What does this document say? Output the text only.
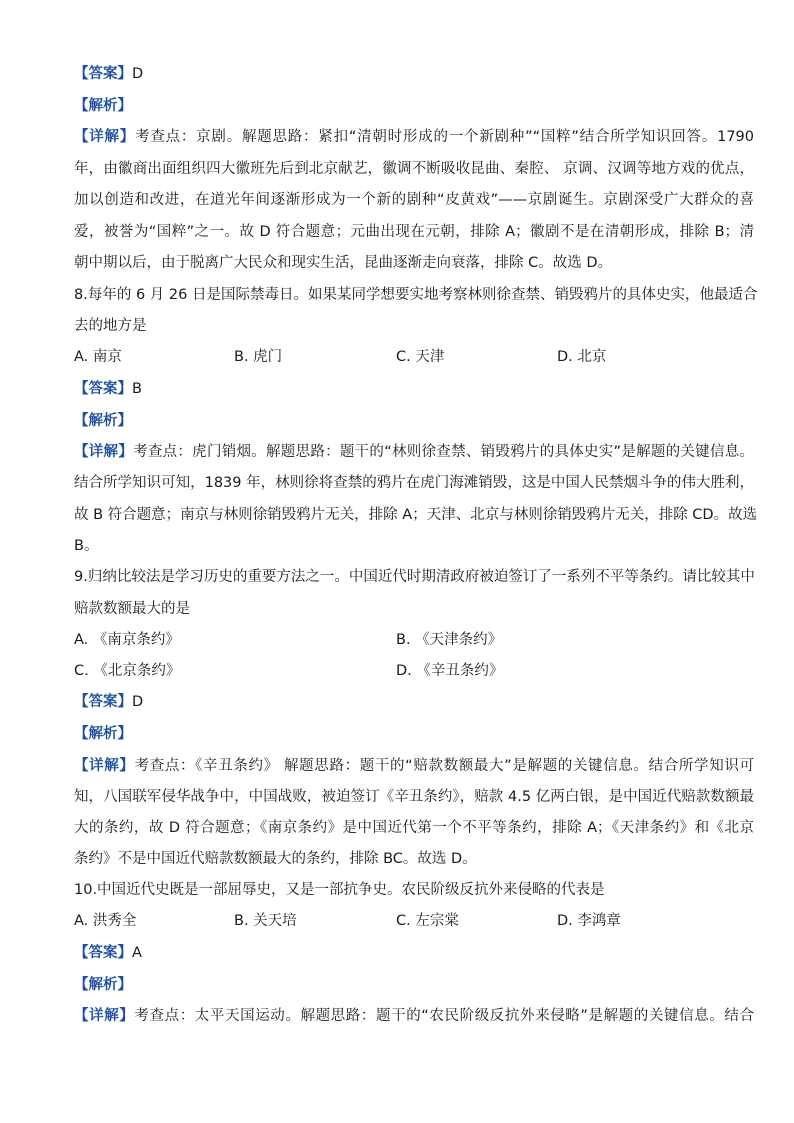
【答案】D
【解析】
【详解】考查点：京剧。解题思路：紧扣“清朝时形成的一个新剧种”“国粹”结合所学知识回答。1790
年，由徽商出面组织四大徽班先后到北京献艺，徽调不断吸收昆曲、秦腔、 京调、汉调等地方戏的优点，
加以创造和改进，在道光年间逐渐形成为一个新的剧种“皮黄戏”——京剧诞生。京剧深受广大群众的喜
爱，被誉为“国粹”之一。故 D 符合题意；元曲出现在元朝，排除 A；徽剧不是在清朝形成，排除 B；清
朝中期以后，由于脱离广大民众和现实生活，昆曲逐渐走向衰落，排除 C。故选 D。
8.每年的 6 月 26 日是国际禁毒日。如果某同学想要实地考察林则徐查禁、销毁鸦片的具体史实，他最适合
去的地方是
A. 南京	B. 虎门	C. 天津	D. 北京
【答案】B
【解析】
【详解】考查点：虎门销烟。解题思路：题干的“林则徐查禁、销毁鸦片的具体史实”是解题的关键信息。
结合所学知识可知，1839 年，林则徐将查禁的鸦片在虎门海滩销毁，这是中国人民禁烟斗争的伟大胜利，
故 B 符合题意；南京与林则徐销毁鸦片无关，排除 A；天津、北京与林则徐销毁鸦片无关，排除 CD。故选
B。
9.归纳比较法是学习历史的重要方法之一。中国近代时期清政府被迫签订了一系列不平等条约。请比较其中
赔款数额最大的是
A. 《南京条约》	B. 《天津条约》
C. 《北京条约》	D. 《辛丑条约》
【答案】D
【解析】
【详解】考查点：《辛丑条约》 解题思路：题干的“赔款数额最大”是解题的关键信息。结合所学知识可
知，八国联军侵华战争中，中国战败，被迫签订《辛丑条约》，赔款 4.5 亿两白银，是中国近代赔款数额最
大的条约，故 D 符合题意；《南京条约》是中国近代第一个不平等条约，排除 A；《天津条约》和《北京
条约》不是中国近代赔款数额最大的条约，排除 BC。故选 D。
10.中国近代史既是一部屈辱史，又是一部抗争史。农民阶级反抗外来侵略的代表是
A. 洪秀全	B. 关天培	C. 左宗棠	D. 李鸿章
【答案】A
【解析】
【详解】考查点：太平天国运动。解题思路：题干的“农民阶级反抗外来侵略”是解题的关键信息。结合
